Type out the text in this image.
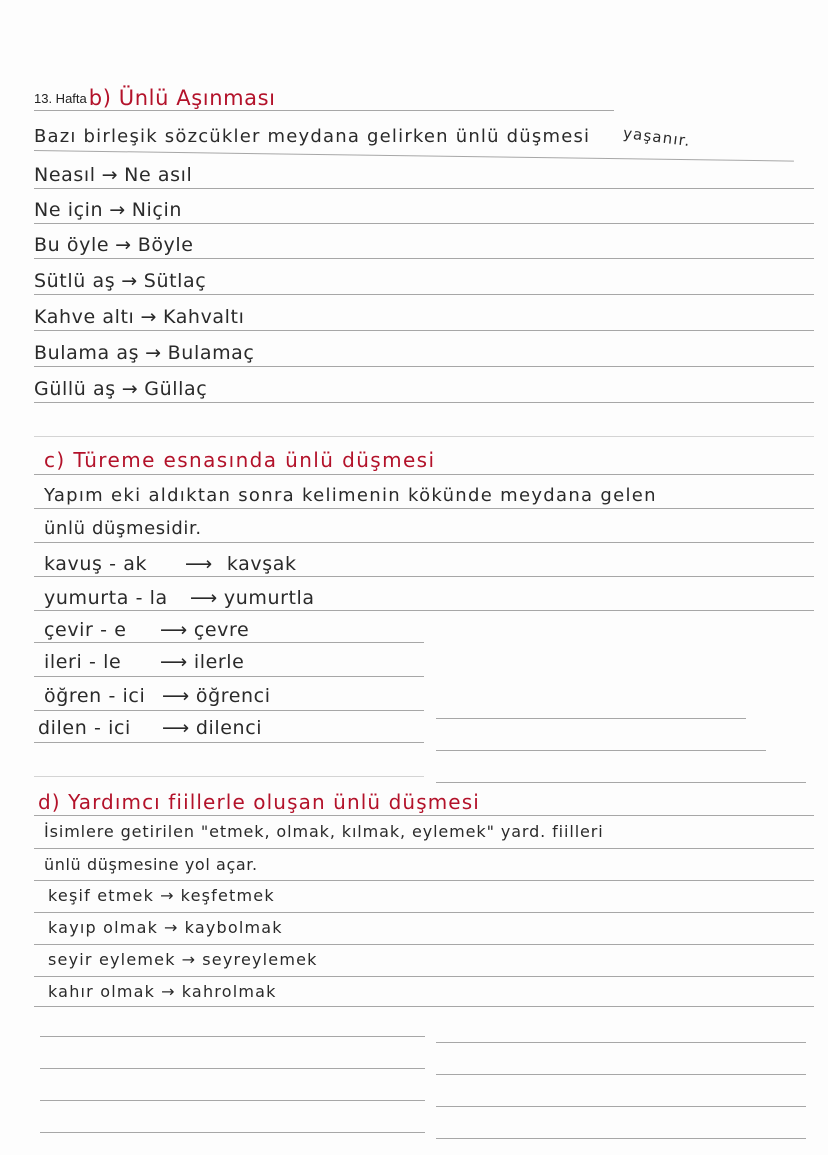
13. Haftab) Ünlü Aşınması
Bazı birleşik sözcükler meydana gelirken ünlü düşmesi yaşanır.
Neasıl → Ne asıl
Ne için → Niçin
Bu öyle → Böyle
Sütlü aş → Sütlaç
Kahve altı → Kahvaltı
Bulama aş → Bulamaç
Güllü aş → Güllaç
c) Türeme esnasında ünlü düşmesi
Yapım eki aldıktan sonra kelimenin kökünde meydana gelen
ünlü düşmesidir.
kavuş - ak ⟶ kavşak
yumurta - la ⟶ yumurtla
çevir - e ⟶ çevre
ileri - le ⟶ ilerle
öğren - ici ⟶ öğrenci
dilen - ici ⟶ dilenci
d) Yardımcı fiillerle oluşan ünlü düşmesi
İsimlere getirilen "etmek, olmak, kılmak, eylemek" yard. fiilleri
ünlü düşmesine yol açar.
keşif etmek → keşfetmek
kayıp olmak → kaybolmak
seyir eylemek → seyreylemek
kahır olmak → kahrolmak
